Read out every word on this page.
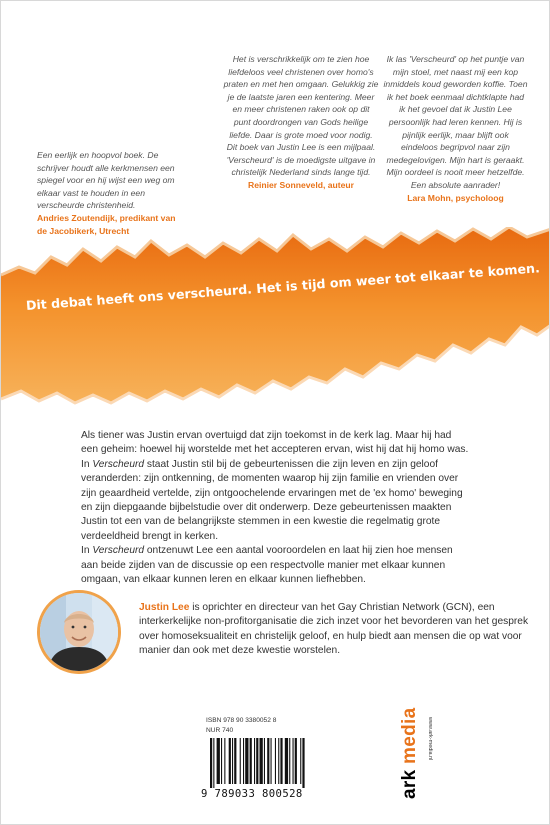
Een eerlijk en hoopvol boek. De schrijver houdt alle kerkmensen een spiegel voor en hij wijst een weg om elkaar vast te houden in een verscheurde christenheid.
Andries Zoutendijk, predikant van de Jacobikerk, Utrecht
Het is verschrikkelijk om te zien hoe liefdeloos veel christenen over homo's praten en met hen omgaan. Gelukkig zie je de laatste jaren een kentering. Meer en meer christenen raken ook op dit punt doordrongen van Gods heilige liefde. Daar is grote moed voor nodig. Dit boek van Justin Lee is een mijlpaal. 'Verscheurd' is de moedigste uitgave in christelijk Nederland sinds lange tijd.
Reinier Sonneveld, auteur
Ik las 'Verscheurd' op het puntje van mijn stoel, met naast mij een kop inmiddels koud geworden koffie. Toen ik het boek eenmaal dichtklapte had ik het gevoel dat ik Justin Lee persoonlijk had leren kennen. Hij is pijnlijk eerlijk, maar blijft ook eindeloos begripvol naar zijn medegelovigen. Mijn hart is geraakt. Mijn oordeel is nooit meer hetzelfde. Een absolute aanrader!
Lara Mohn, psycholoog
Dit debat heeft ons verscheurd. Het is tijd om weer tot elkaar te komen.

Als tiener was Justin ervan overtuigd dat zijn toekomst in de kerk lag. Maar hij had een geheim: hoewel hij worstelde met het accepteren ervan, wist hij dat hij homo was. In Verscheurd staat Justin stil bij de gebeurtenissen die zijn leven en zijn geloof veranderden: zijn ontkenning, de momenten waarop hij zijn familie en vrienden over zijn geaardheid vertelde, zijn ontgoochelende ervaringen met de 'ex homo' beweging en zijn diepgaande bijbelstudie over dit onderwerp. Deze gebeurtenissen maakten Justin tot een van de belangrijkste stemmen in een kwestie die regelmatig grote verdeeldheid brengt in kerken.

In Verscheurd ontzenuwt Lee een aantal vooroordelen en laat hij zien hoe mensen aan beide zijden van de discussie op een respectvolle manier met elkaar kunnen omgaan, van elkaar kunnen leren en elkaar kunnen liefhebben.

Justin Lee is oprichter en directeur van het Gay Christian Network (GCN), een interkerkelijke non-profitorganisatie die zich inzet voor het bevorderen van het gesprek over homoseksualiteit en christelijk geloof, en hulp biedt aan mensen die op wat voor manier dan ook met deze kwestie worstelen.
ISBN 978 90 3380052 8
NUR 740
9 789033 800528	ark media www.ark-media.nl
